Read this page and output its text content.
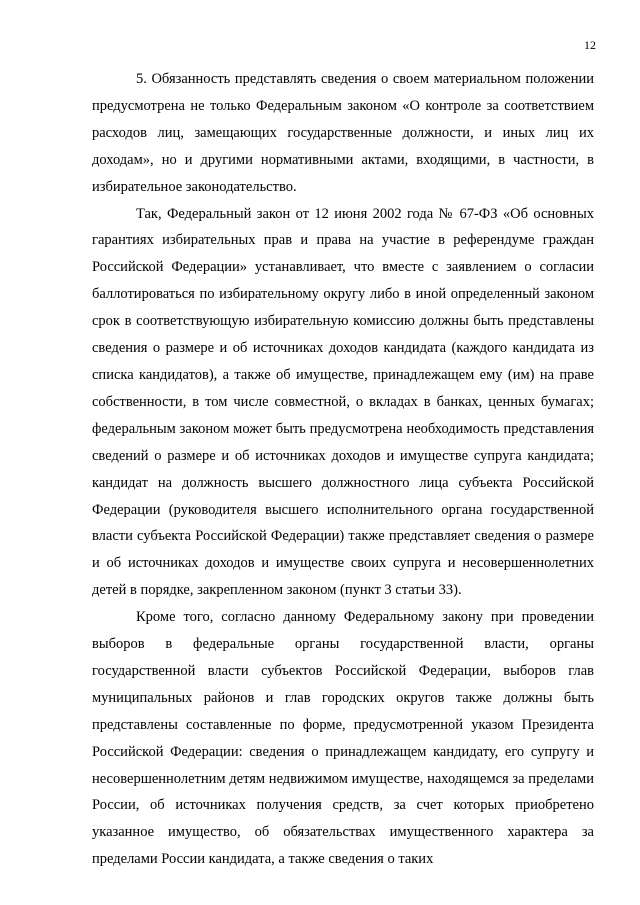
12

5. Обязанность представлять сведения о своем материальном положении предусмотрена не только Федеральным законом «О контроле за соответствием расходов лиц, замещающих государственные должности, и иных лиц их доходам», но и другими нормативными актами, входящими, в частности, в избирательное законодательство.

Так, Федеральный закон от 12 июня 2002 года № 67-ФЗ «Об основных гарантиях избирательных прав и права на участие в референдуме граждан Российской Федерации» устанавливает, что вместе с заявлением о согласии баллотироваться по избирательному округу либо в иной определенный законом срок в соответствующую избирательную комиссию должны быть представлены сведения о размере и об источниках доходов кандидата (каждого кандидата из списка кандидатов), а также об имуществе, принадлежащем ему (им) на праве собственности, в том числе совместной, о вкладах в банках, ценных бумагах; федеральным законом может быть предусмотрена необходимость представления сведений о размере и об источниках доходов и имуществе супруга кандидата; кандидат на должность высшего должностного лица субъекта Российской Федерации (руководителя высшего исполнительного органа государственной власти субъекта Российской Федерации) также представляет сведения о размере и об источниках доходов и имуществе своих супруга и несовершеннолетних детей в порядке, закрепленном законом (пункт 3 статьи 33).

Кроме того, согласно данному Федеральному закону при проведении выборов в федеральные органы государственной власти, органы государственной власти субъектов Российской Федерации, выборов глав муниципальных районов и глав городских округов также должны быть представлены составленные по форме, предусмотренной указом Президента Российской Федерации: сведения о принадлежащем кандидату, его супругу и несовершеннолетним детям недвижимом имуществе, находящемся за пределами России, об источниках получения средств, за счет которых приобретено указанное имущество, об обязательствах имущественного характера за пределами России кандидата, а также сведения о таких
